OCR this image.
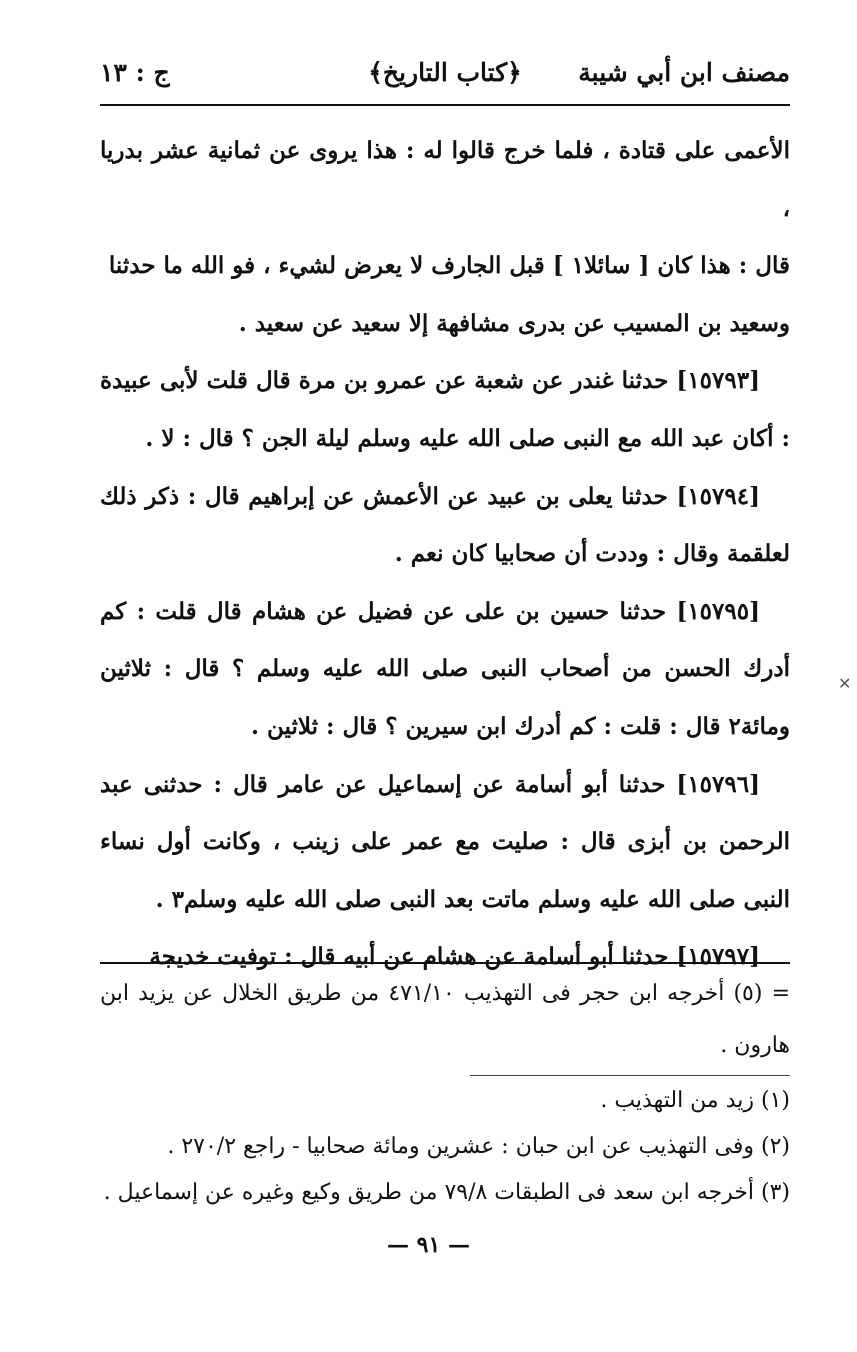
مصنف ابن أبي شيبة
﴿كتاب التاريخ﴾
ج : ١٣

الأعمى على قتادة ، فلما خرج قالوا له : هذا يروى عن ثمانية عشر بدريا ،

قال : هذا كان [ سائلا١ ] قبل الجارف لا يعرض لشيء ، فو الله ما حدثنا

وسعيد بن المسيب عن بدرى مشافهة إلا سعيد عن سعيد .

[١٥٧٩٣] حدثنا غندر عن شعبة عن عمرو بن مرة قال قلت لأبى عبيدة : أكان عبد الله مع النبى صلى الله عليه وسلم ليلة الجن ؟ قال : لا .

[١٥٧٩٤] حدثنا يعلى بن عبيد عن الأعمش عن إبراهيم قال : ذكر ذلك لعلقمة وقال : وددت أن صحابيا كان نعم .

[١٥٧٩٥] حدثنا حسين بن على عن فضيل عن هشام قال قلت : كم أدرك الحسن من أصحاب النبى صلى الله عليه وسلم ؟ قال : ثلاثين ومائة٢ قال : قلت : كم أدرك ابن سيرين ؟ قال : ثلاثين .

[١٥٧٩٦] حدثنا أبو أسامة عن إسماعيل عن عامر قال : حدثنى عبد الرحمن بن أبزى قال : صليت مع عمر على زينب ، وكانت أول نساء النبى صلى الله عليه وسلم ماتت بعد النبى صلى الله عليه وسلم٣ .

[١٥٧٩٧] حدثنا أبو أسامة عن هشام عن أبيه قال : توفيت خديجة

= (٥) أخرجه ابن حجر فى التهذيب ٤٧١/١٠ من طريق الخلال عن يزيد ابن هارون .

(١) زيد من التهذيب .

(٢) وفى التهذيب عن ابن حبان : عشرين ومائة صحابيا - راجع ٢٧٠/٢ .

(٣) أخرجه ابن سعد فى الطبقات ٧٩/٨ من طريق وكيع وغيره عن إسماعيل .

— ٩١ —
✕
